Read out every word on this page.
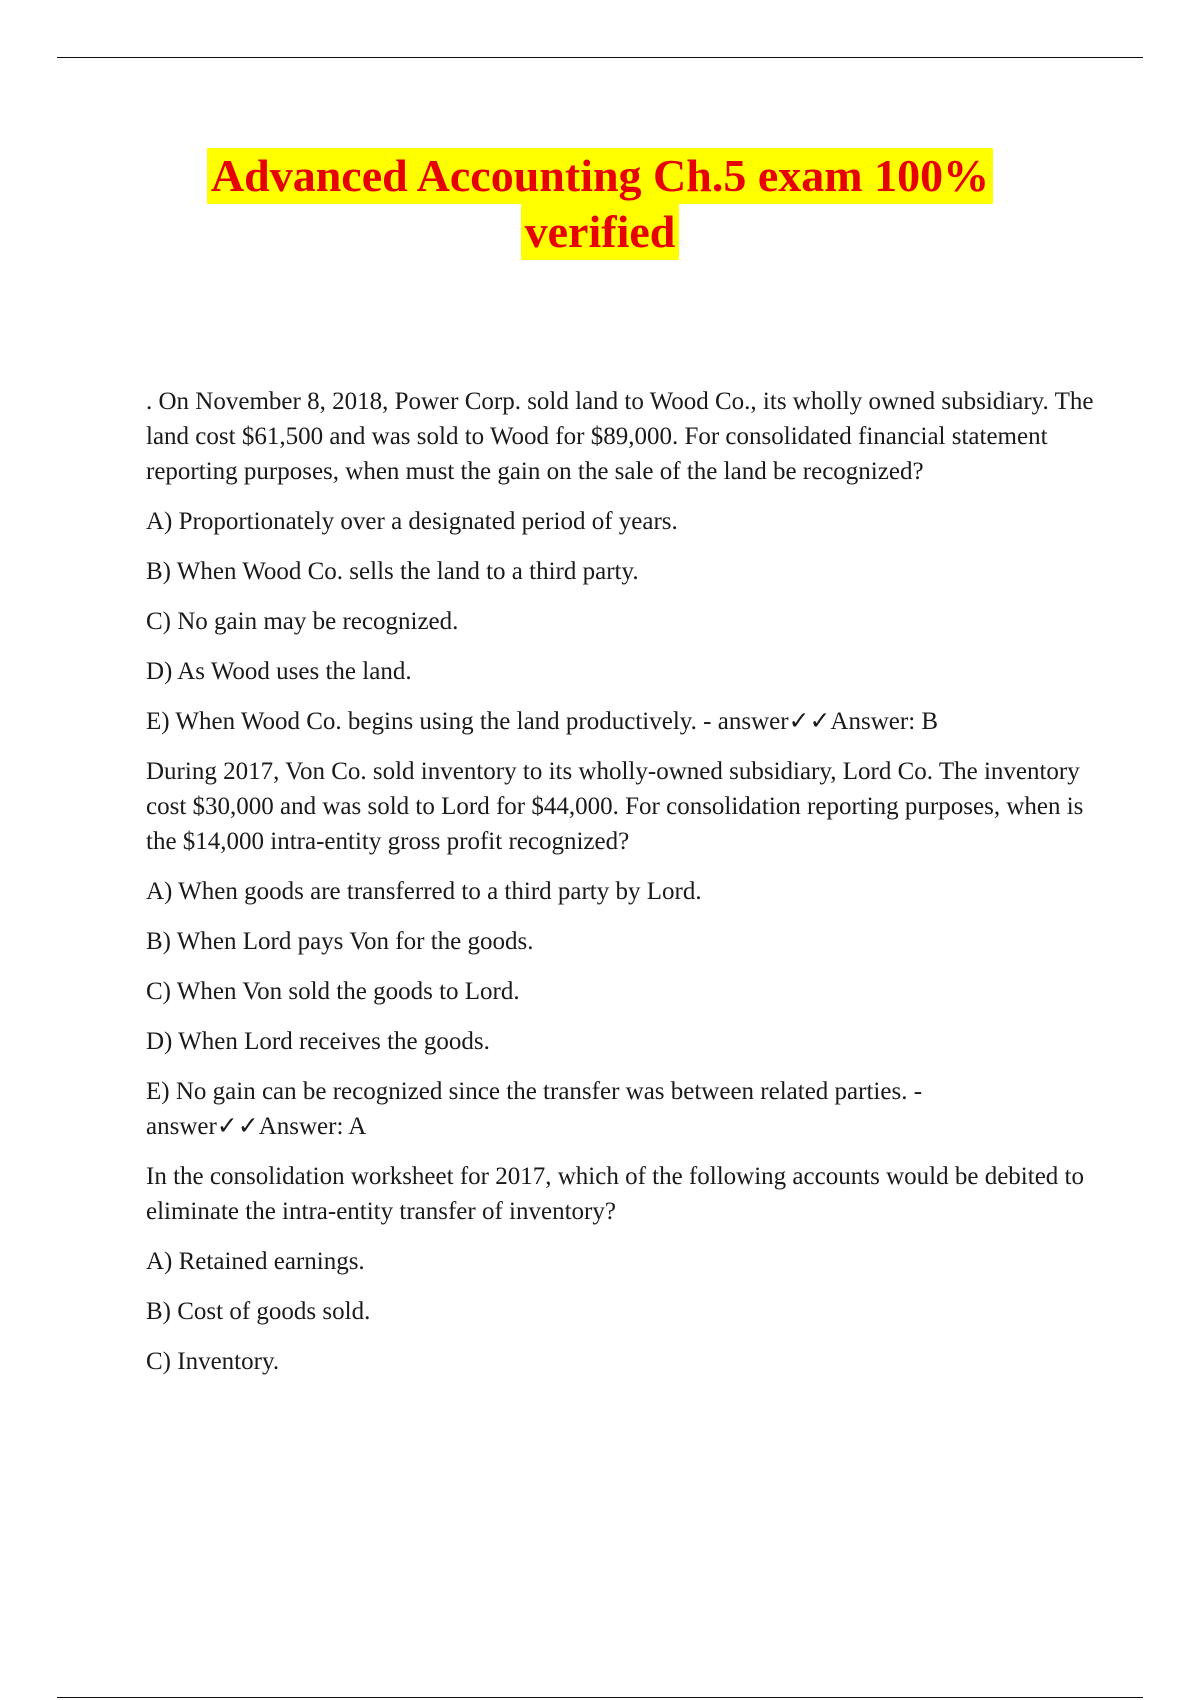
Advanced Accounting Ch.5 exam 100%
verified

. On November 8, 2018, Power Corp. sold land to Wood Co., its wholly owned subsidiary. The land cost $61,500 and was sold to Wood for $89,000. For consolidated financial statement reporting purposes, when must the gain on the sale of the land be recognized?

A) Proportionately over a designated period of years.

B) When Wood Co. sells the land to a third party.

C) No gain may be recognized.

D) As Wood uses the land.

E) When Wood Co. begins using the land productively. - answer✓✓Answer: B

During 2017, Von Co. sold inventory to its wholly-owned subsidiary, Lord Co. The inventory cost $30,000 and was sold to Lord for $44,000. For consolidation reporting purposes, when is the $14,000 intra-entity gross profit recognized?

A) When goods are transferred to a third party by Lord.

B) When Lord pays Von for the goods.

C) When Von sold the goods to Lord.

D) When Lord receives the goods.

E) No gain can be recognized since the transfer was between related parties. - answer✓✓Answer: A

In the consolidation worksheet for 2017, which of the following accounts would be debited to eliminate the intra-entity transfer of inventory?

A) Retained earnings.

B) Cost of goods sold.

C) Inventory.
